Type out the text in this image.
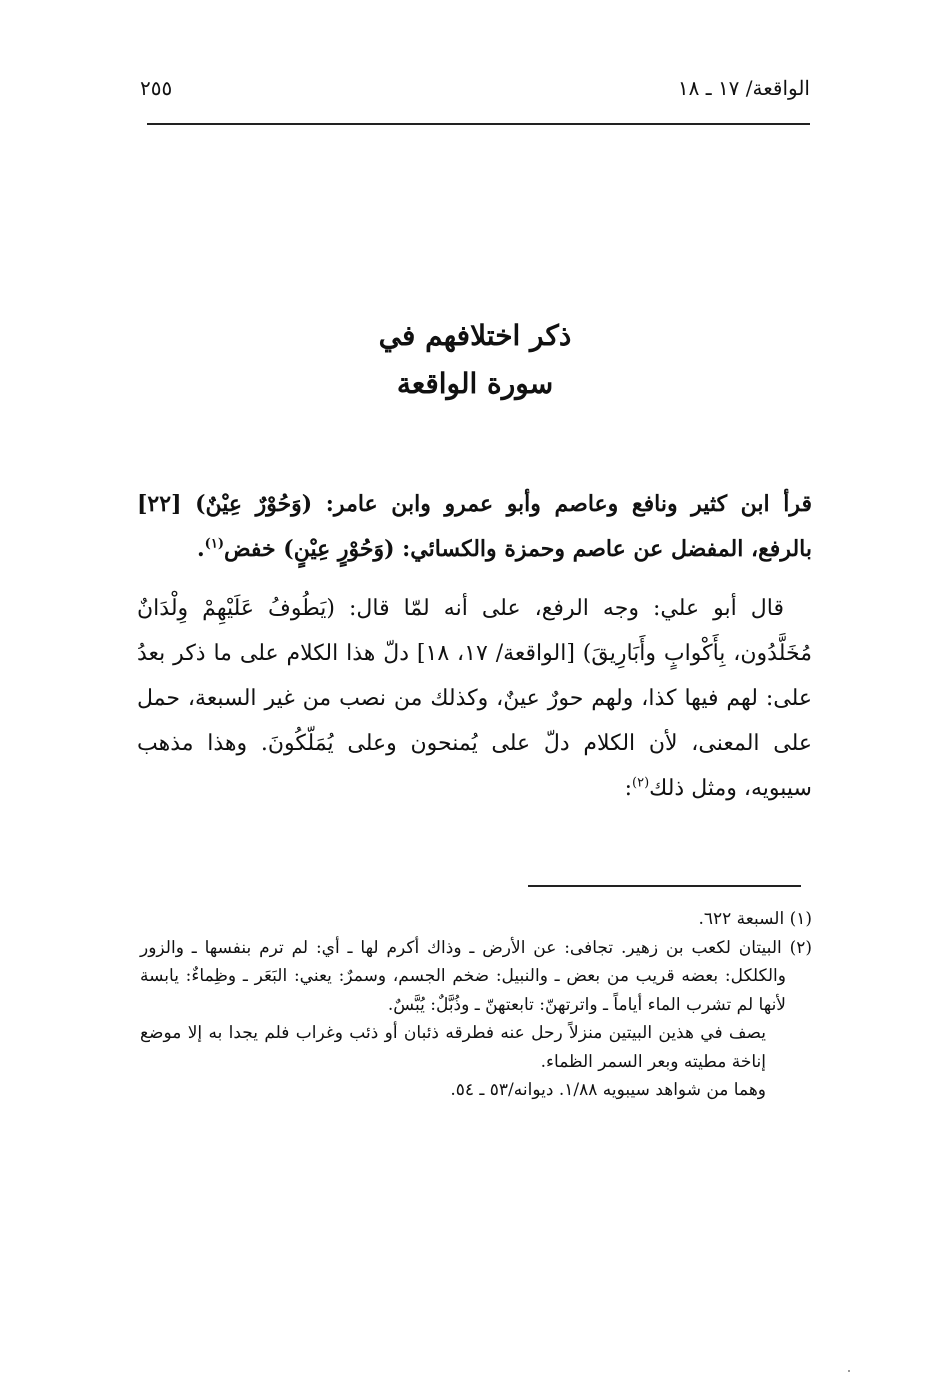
الواقعة/ ١٧ ـ ١٨
٢٥٥
ذكر اختلافهم في
سورة الواقعة

قرأ ابن كثير ونافع وعاصم وأبو عمرو وابن عامر: (وَحُوْرٌ عِيْنٌ) [٢٢] بالرفع، المفضل عن عاصم وحمزة والكسائي: (وَحُوْرٍ عِيْنٍ) خفض$^{(١)}$.

قال أبو علي: وجه الرفع، على أنه لمّا قال: (يَطُوفُ عَلَيْهِمْ وِلْدَانٌ مُخَلَّدُون، بِأَكْوابٍ وأَبَارِيقَ) [الواقعة/ ١٧، ١٨] دلّ هذا الكلام على ما ذكر بعدُ على: لهم فيها كذا، ولهم حورٌ عينٌ، وكذلك من نصب من غير السبعة، حمل على المعنى، لأن الكلام دلّ على يُمنحون وعلى يُمَلّكُونَ. وهذا مذهب سيبويه، ومثل ذلك$^{(٢)}$:

(١) السبعة ٦٢٢.

(٢) البيتان لكعب بن زهير. تجافى: عن الأرض ـ وذاك أكرم لها ـ أي: لم ترم بنفسها ـ والزور والكلكل: بعضه قريب من بعض ـ والنبيل: ضخم الجسم، وسمرٌ: يعني: البَعَر ـ وظِماءٌ: يابسة لأنها لم تشرب الماء أياماً ـ واترتهنّ: تابعتهنّ ـ وذُبَّلٌ: يُبَّسٌ.

يصف في هذين البيتين منزلاً رحل عنه فطرقه ذئبان أو ذئب وغراب فلم يجدا به إلا موضع إناخة مطيته وبعر السمر الظماء.

وهما من شواهد سيبويه ١/٨٨. ديوانه/٥٣ ـ ٥٤.
